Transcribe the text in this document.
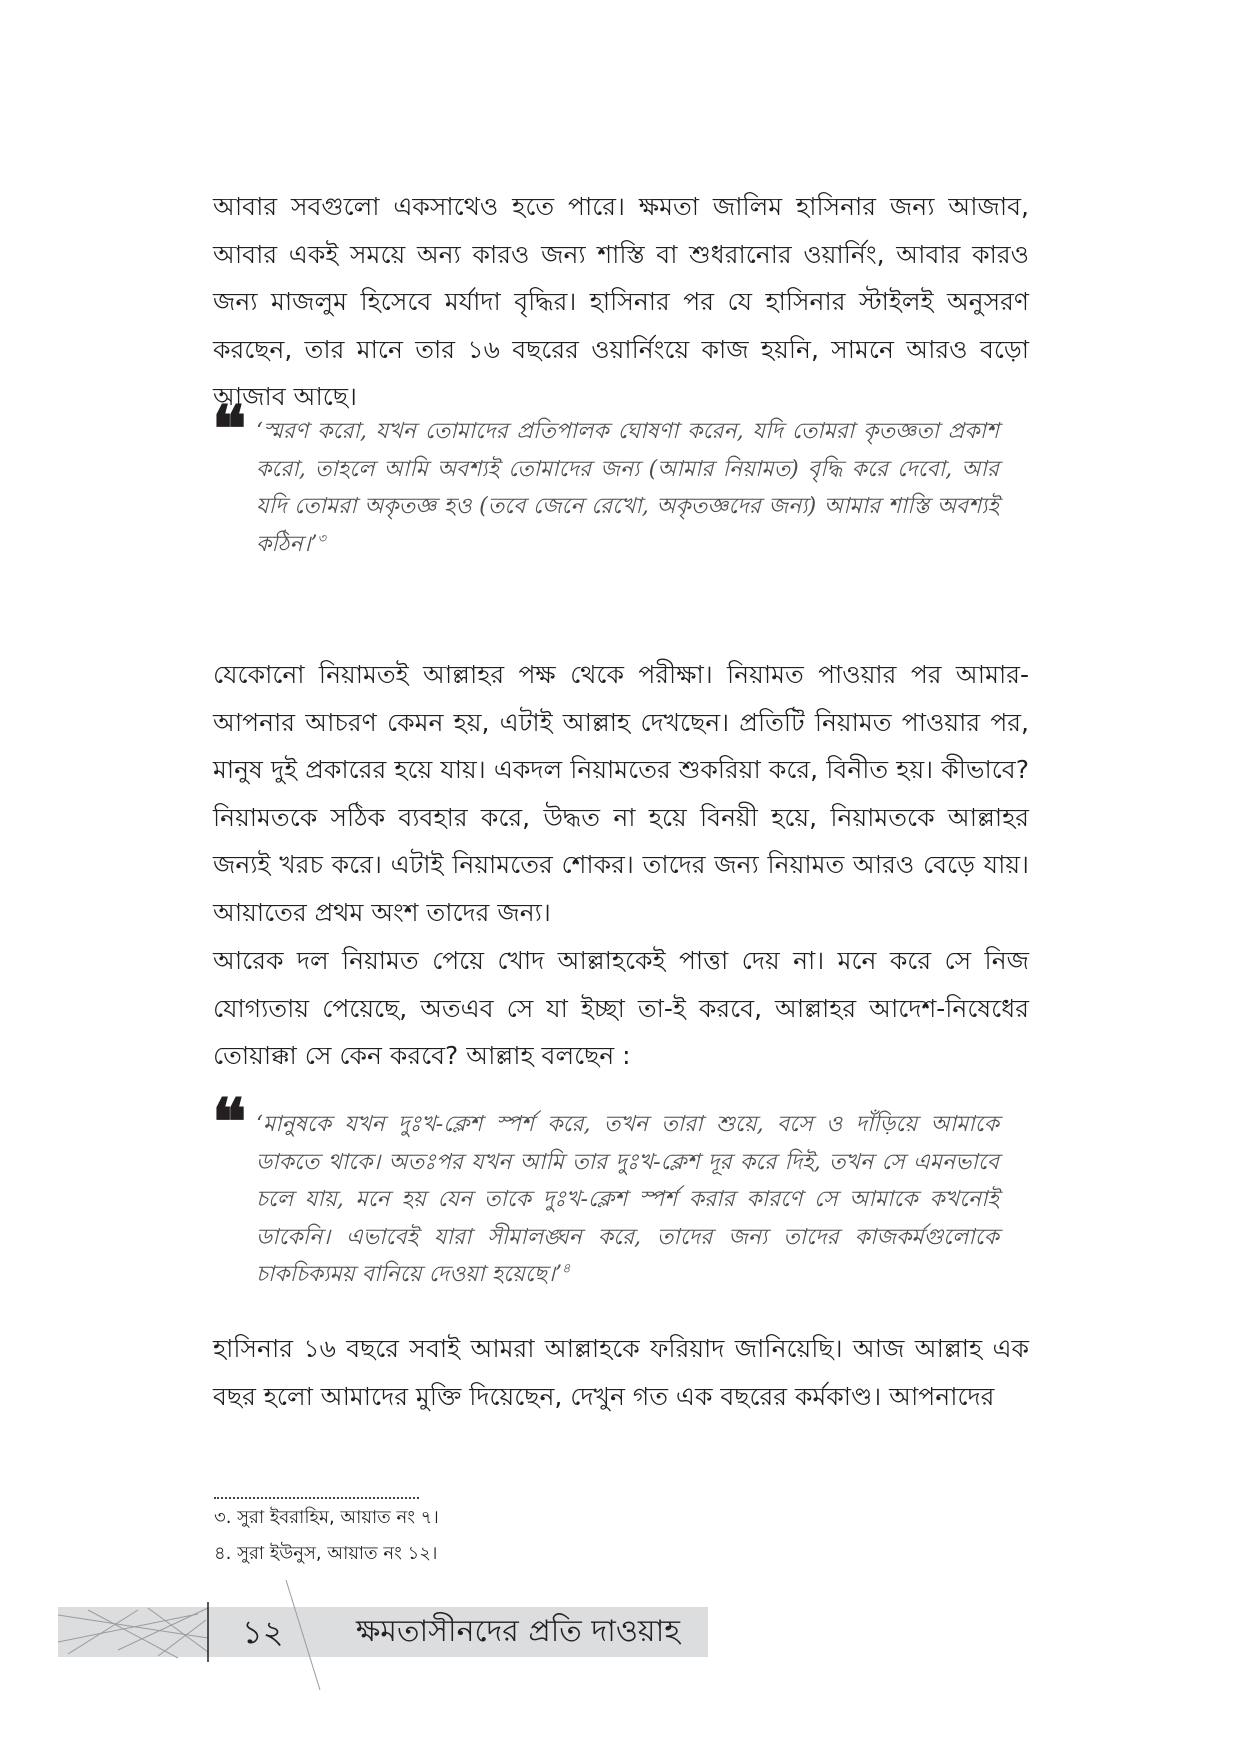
আবার সবগুলো একসাথেও হতে পারে। ক্ষমতা জালিম হাসিনার জন্য আজাব, আবার একই সময়ে অন্য কারও জন্য শাস্তি বা শুধরানোর ওয়ার্নিং, আবার কারও জন্য মাজলুম হিসেবে মর্যাদা বৃদ্ধির। হাসিনার পর যে হাসিনার স্টাইলই অনুসরণ করছেন, তার মানে তার ১৬ বছরের ওয়ার্নিংয়ে কাজ হয়নি, সামনে আরও বড়ো আজাব আছে।

❝ ‘স্মরণ করো, যখন তোমাদের প্রতিপালক ঘোষণা করেন, যদি তোমরা কৃতজ্ঞতা প্রকাশ করো, তাহলে আমি অবশ্যই তোমাদের জন্য (আমার নিয়ামত) বৃদ্ধি করে দেবো, আর যদি তোমরা অকৃতজ্ঞ হও (তবে জেনে রেখো, অকৃতজ্ঞদের জন্য) আমার শাস্তি অবশ্যই কঠিন।’$^৩$

যেকোনো নিয়ামতই আল্লাহর পক্ষ থেকে পরীক্ষা। নিয়ামত পাওয়ার পর আমার-আপনার আচরণ কেমন হয়, এটাই আল্লাহ দেখছেন। প্রতিটি নিয়ামত পাওয়ার পর, মানুষ দুই প্রকারের হয়ে যায়। একদল নিয়ামতের শুকরিয়া করে, বিনীত হয়। কীভাবে? নিয়ামতকে সঠিক ব্যবহার করে, উদ্ধত না হয়ে বিনয়ী হয়ে, নিয়ামতকে আল্লাহর জন্যই খরচ করে। এটাই নিয়ামতের শোকর। তাদের জন্য নিয়ামত আরও বেড়ে যায়। আয়াতের প্রথম অংশ তাদের জন্য।

আরেক দল নিয়ামত পেয়ে খোদ আল্লাহকেই পাত্তা দেয় না। মনে করে সে নিজ যোগ্যতায় পেয়েছে, অতএব সে যা ইচ্ছা তা-ই করবে, আল্লাহর আদেশ-নিষেধের তোয়াক্কা সে কেন করবে? আল্লাহ বলছেন :

❝ ‘মানুষকে যখন দুঃখ-ক্লেশ স্পর্শ করে, তখন তারা শুয়ে, বসে ও দাঁড়িয়ে আমাকে ডাকতে থাকে। অতঃপর যখন আমি তার দুঃখ-ক্লেশ দূর করে দিই, তখন সে এমনভাবে চলে যায়, মনে হয় যেন তাকে দুঃখ-ক্লেশ স্পর্শ করার কারণে সে আমাকে কখনোই ডাকেনি। এভাবেই যারা সীমালঙ্ঘন করে, তাদের জন্য তাদের কাজকর্মগুলোকে চাকচিক্যময় বানিয়ে দেওয়া হয়েছে।’$^৪$

হাসিনার ১৬ বছরে সবাই আমরা আল্লাহকে ফরিয়াদ জানিয়েছি। আজ আল্লাহ এক বছর হলো আমাদের মুক্তি দিয়েছেন, দেখুন গত এক বছরের কর্মকাণ্ড। আপনাদের

৩. সুরা ইবরাহিম, আয়াত নং ৭।

৪. সুরা ইউনুস, আয়াত নং ১২।

১২ ক্ষমতাসীনদের প্রতি দাওয়াহ
